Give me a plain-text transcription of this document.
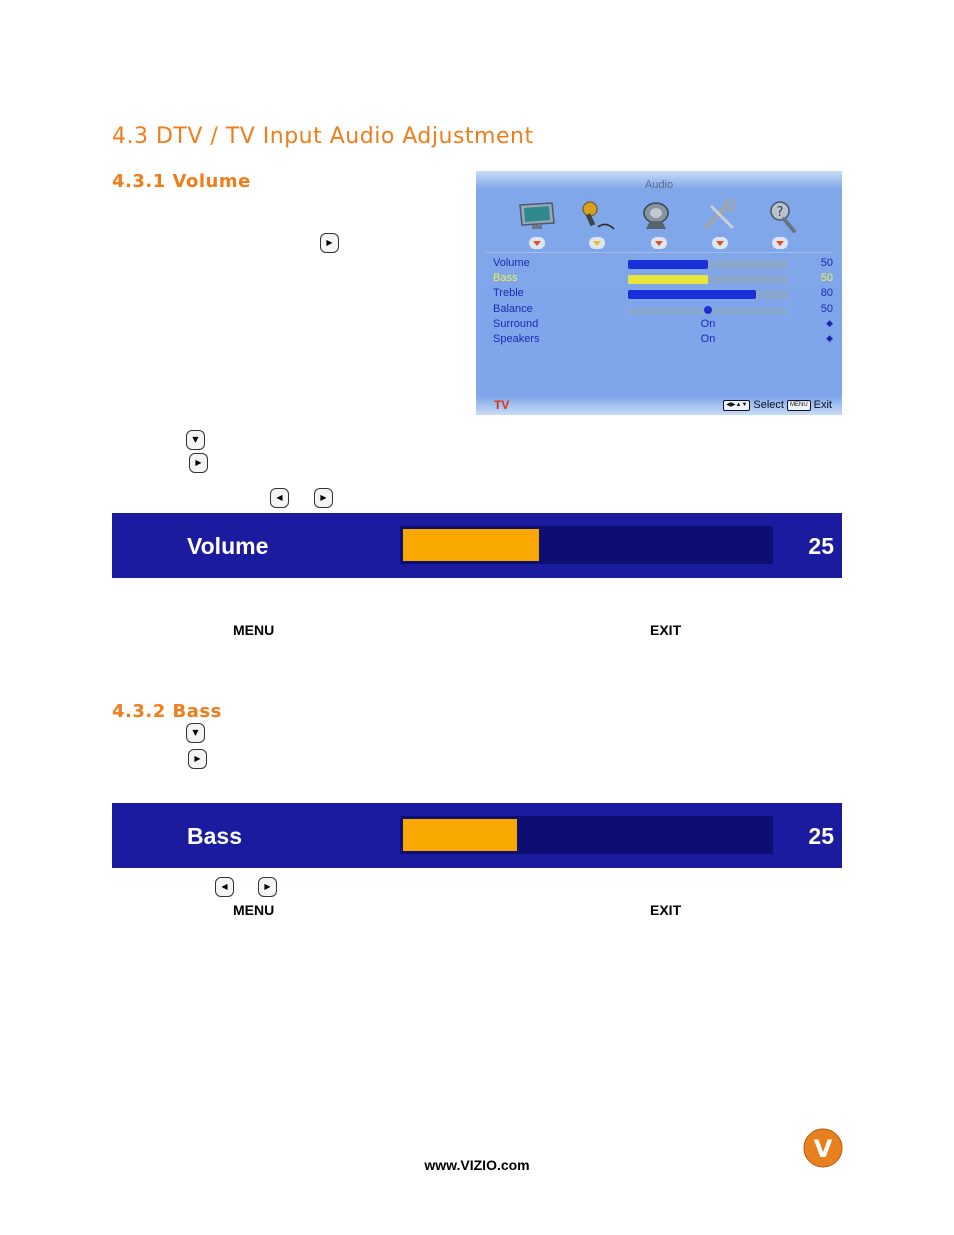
4.3 DTV / TV Input Audio Adjustment
4.3.1 Volume
▶
Audio
?
Volume	50
Bass	50
Treble	80
Balance	50
Surround	On	◆
Speakers	On	◆
TV	◀▶▲▼ Select	MENU Exit
▼
▶
◀	▶
Volume	25
MENU	EXIT
4.3.2 Bass
▼
▶
Bass	25
◀	▶
MENU	EXIT
www.VIZIO.com
V
